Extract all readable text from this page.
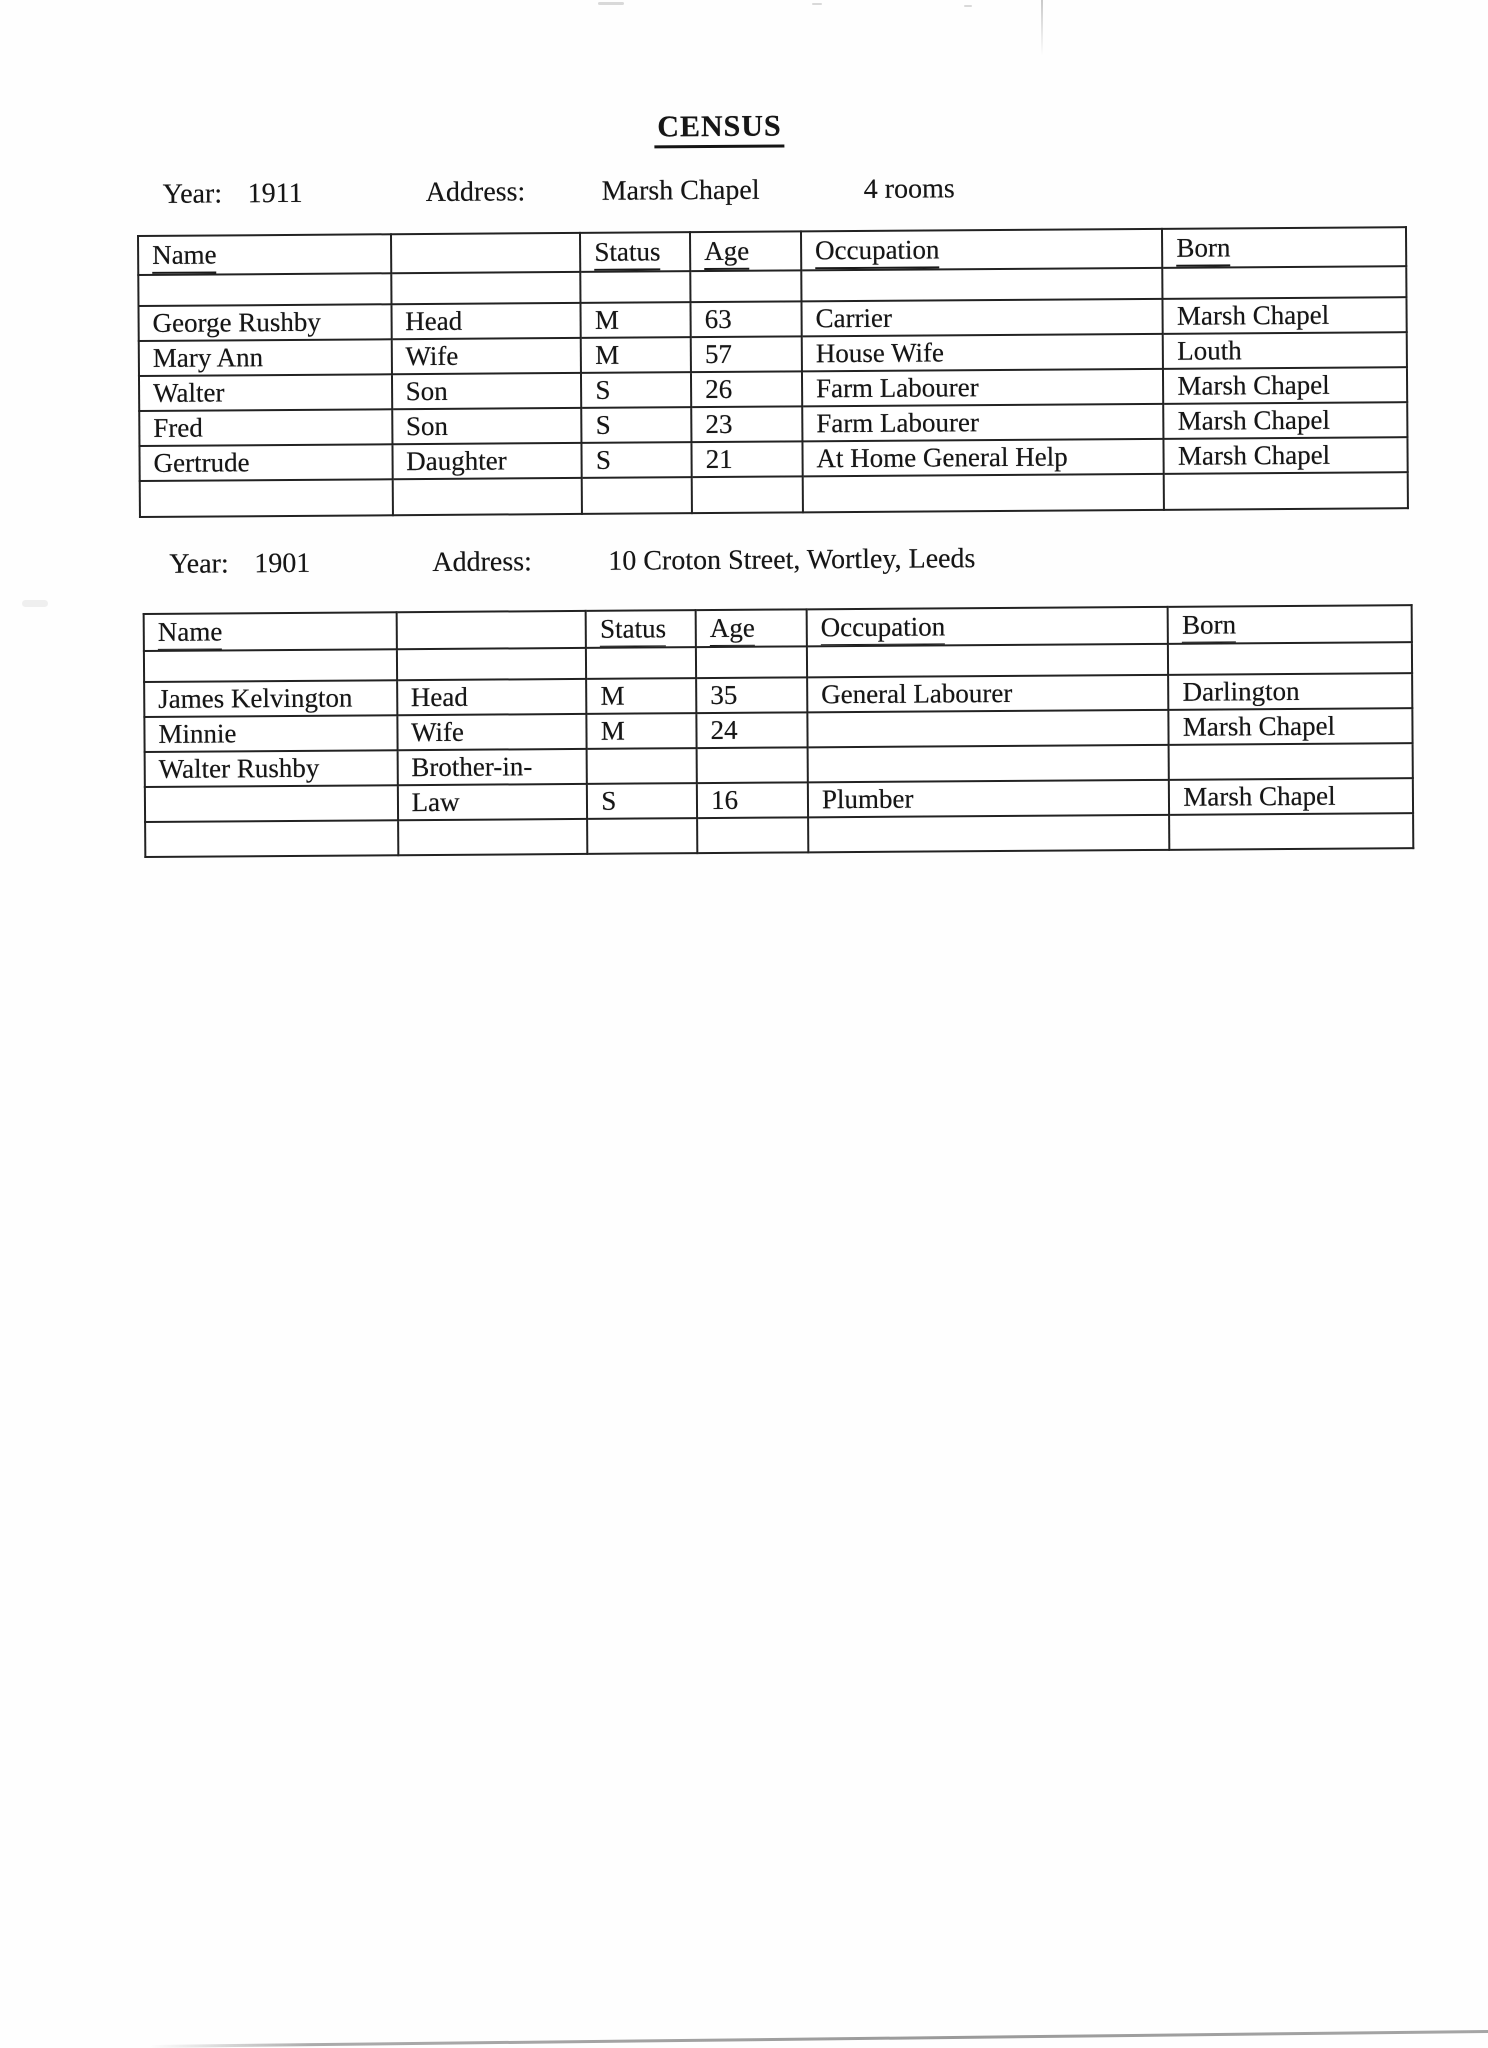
CENSUS
Year: 1911	Address:	Marsh Chapel	4 rooms
Name		Status	Age	Occupation	Born

George Rushby	Head	M	63	Carrier	Marsh Chapel
Mary Ann	Wife	M	57	House Wife	Louth
Walter	Son	S	26	Farm Labourer	Marsh Chapel
Fred	Son	S	23	Farm Labourer	Marsh Chapel
Gertrude	Daughter	S	21	At Home General Help	Marsh Chapel

Year: 1901	Address:	10 Croton Street, Wortley, Leeds
Name		Status	Age	Occupation	Born

James Kelvington	Head	M	35	General Labourer	Darlington
Minnie	Wife	M	24		Marsh Chapel
Walter Rushby	Brother-in-				
	Law	S	16	Plumber	Marsh Chapel
